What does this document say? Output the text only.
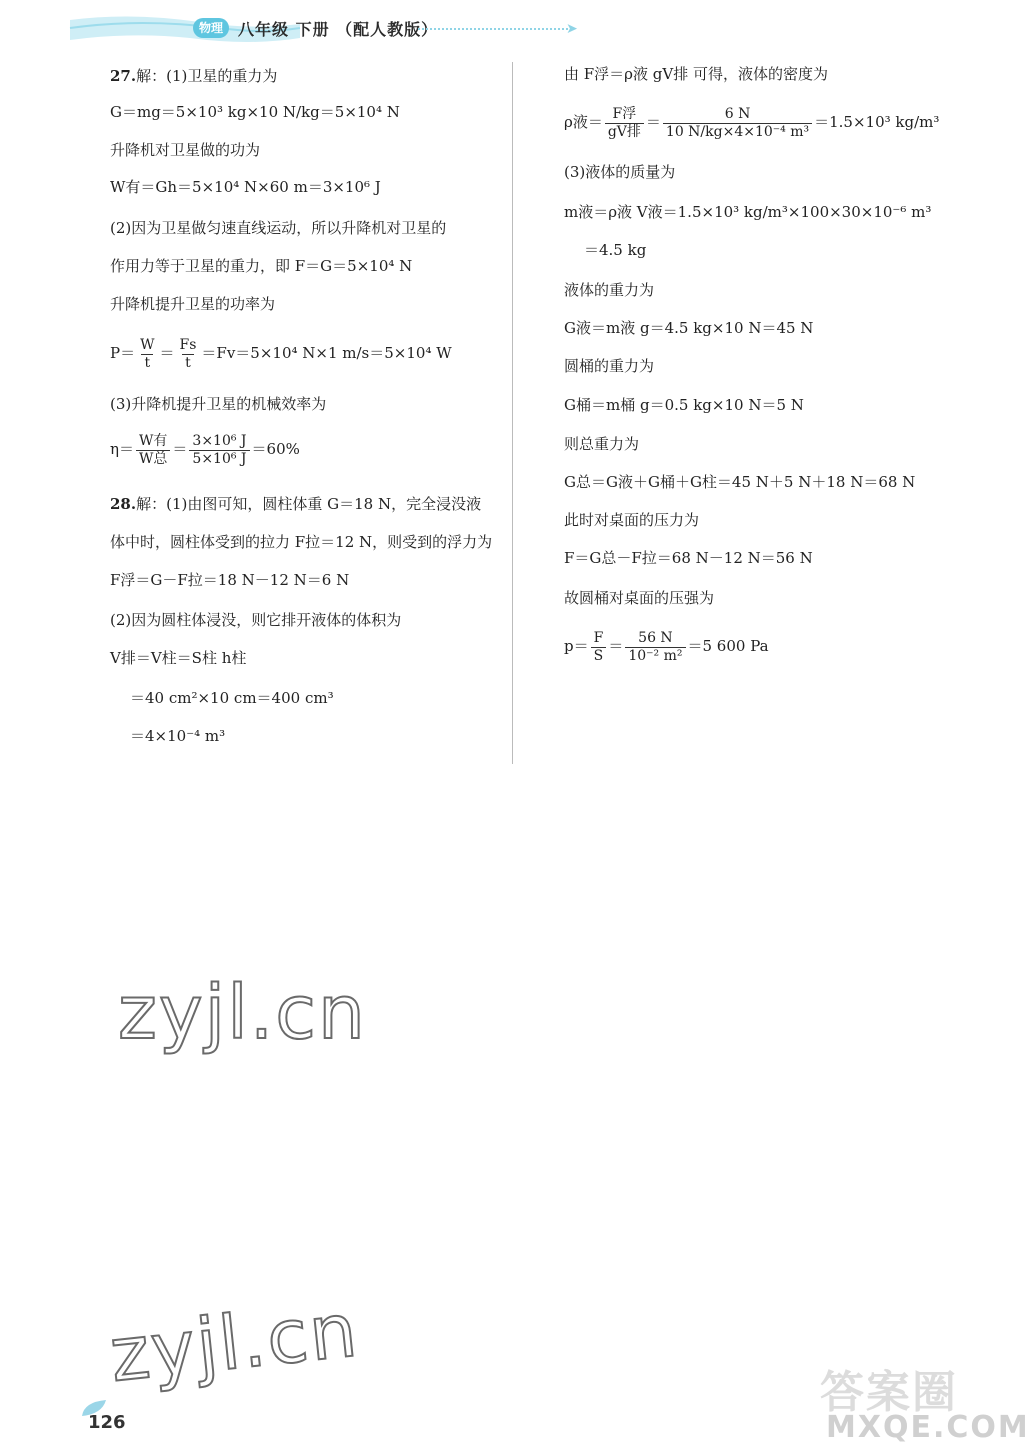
物理 八年级 下册 （配人教版）	➤
27.解：(1)卫星的重力为
G＝mg＝5×10³ kg×10 N/kg＝5×10⁴ N
升降机对卫星做的功为
W有＝Gh＝5×10⁴ N×60 m＝3×10⁶ J
(2)因为卫星做匀速直线运动，所以升降机对卫星的
作用力等于卫星的重力，即 F＝G＝5×10⁴ N
升降机提升卫星的功率为
$P= \frac{W}{t} = \frac{Fs}{t} =Fv=5\times 10^4$ N×1 m/s＝5×10⁴ W
(3)升降机提升卫星的机械效率为
$\eta= \frac{\text{W有}}{\text{W总}} = \frac{\text{3×10⁶ J}}{\text{5×10⁶ J}} =60\%$
28.解：(1)由图可知，圆柱体重 G＝18 N，完全浸没液
体中时，圆柱体受到的拉力 F拉＝12 N，则受到的浮力为
F浮＝G－F拉＝18 N－12 N＝6 N
(2)因为圆柱体浸没，则它排开液体的体积为
V排＝V柱＝S柱 h柱
＝40 cm²×10 cm＝400 cm³
＝4×10⁻⁴ m³
由 F浮＝ρ液 gV排 可得，液体的密度为
ρ液＝ $\frac{\text{F浮}}{\text{gV排}} = \frac{6 N}{\text{10 N/kg×4×10⁻⁴ m³}} =1.5\times 10^3$ kg/m³
(3)液体的质量为
m液＝ρ液 V液＝1.5×10³ kg/m³×100×30×10⁻⁶ m³
＝4.5 kg
液体的重力为
G液＝m液 g＝4.5 kg×10 N＝45 N
圆桶的重力为
G桶＝m桶 g＝0.5 kg×10 N＝5 N
则总重力为
G总＝G液＋G桶＋G柱＝45 N＋5 N＋18 N＝68 N
此时对桌面的压力为
F＝G总－F拉＝68 N－12 N＝56 N
故圆桶对桌面的压强为
$p= \frac{F}{S} = \frac{56 N}{\text{10⁻² m²}} =5$ 600 Pa
zyjl.cn
zyjl.cn
126
答案圈
MXQE.COM
